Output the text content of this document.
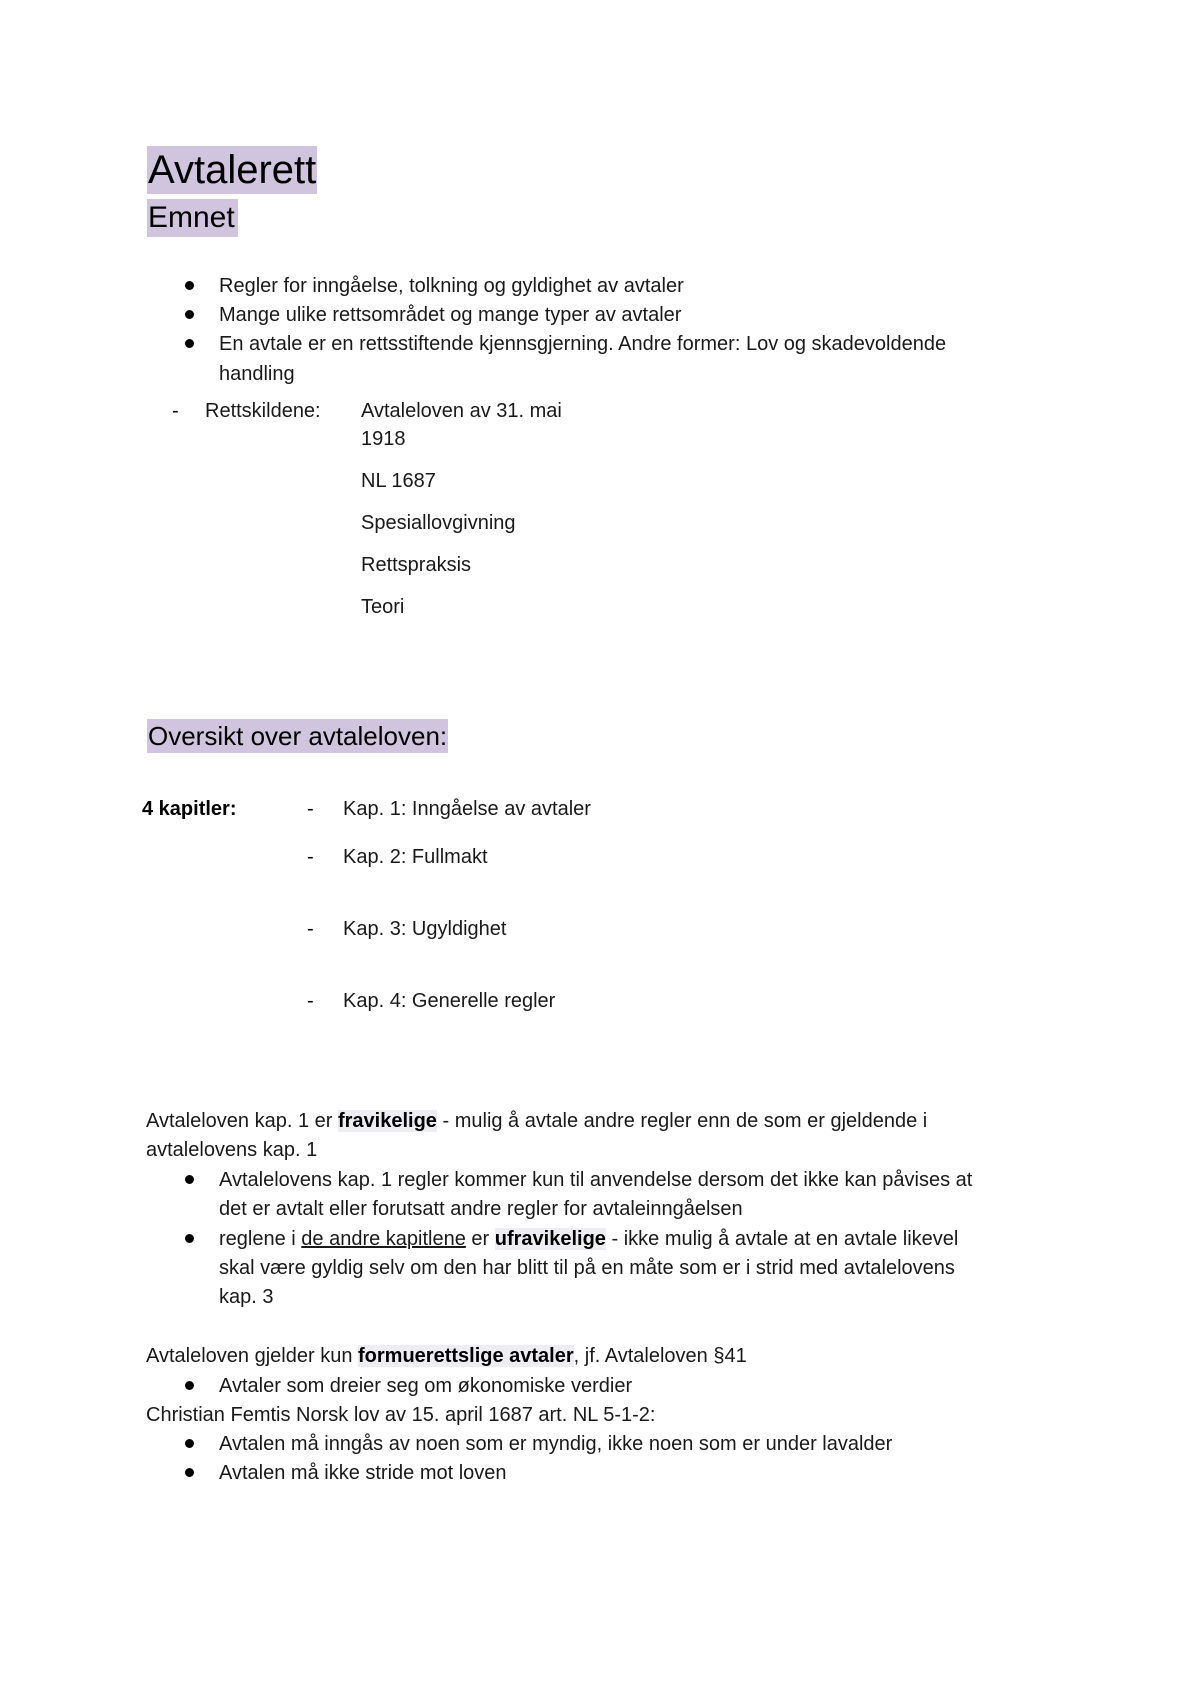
Avtalerett
Emnet
Regler for inngåelse, tolkning og gyldighet av avtaler
Mange ulike rettsområdet og mange typer av avtaler
En avtale er en rettsstiftende kjennsgjerning. Andre former: Lov og skadevoldende
handling
- Rettskildene: Avtaleloven av 31. mai
1918
NL 1687
Spesiallovgivning
Rettspraksis
Teori
Oversikt over avtaleloven:
4 kapitler:	- Kap. 1: Inngåelse av avtaler
- Kap. 2: Fullmakt
- Kap. 3: Ugyldighet
- Kap. 4: Generelle regler
Avtaleloven kap. 1 er fravikelige - mulig å avtale andre regler enn de som er gjeldende i
avtalelovens kap. 1
Avtalelovens kap. 1 regler kommer kun til anvendelse dersom det ikke kan påvises at
det er avtalt eller forutsatt andre regler for avtaleinngåelsen
reglene i de andre kapitlene er ufravikelige - ikke mulig å avtale at en avtale likevel
skal være gyldig selv om den har blitt til på en måte som er i strid med avtalelovens
kap. 3
Avtaleloven gjelder kun formuerettslige avtaler, jf. Avtaleloven §41
Avtaler som dreier seg om økonomiske verdier
Christian Femtis Norsk lov av 15. april 1687 art. NL 5-1-2:
Avtalen må inngås av noen som er myndig, ikke noen som er under lavalder
Avtalen må ikke stride mot loven
